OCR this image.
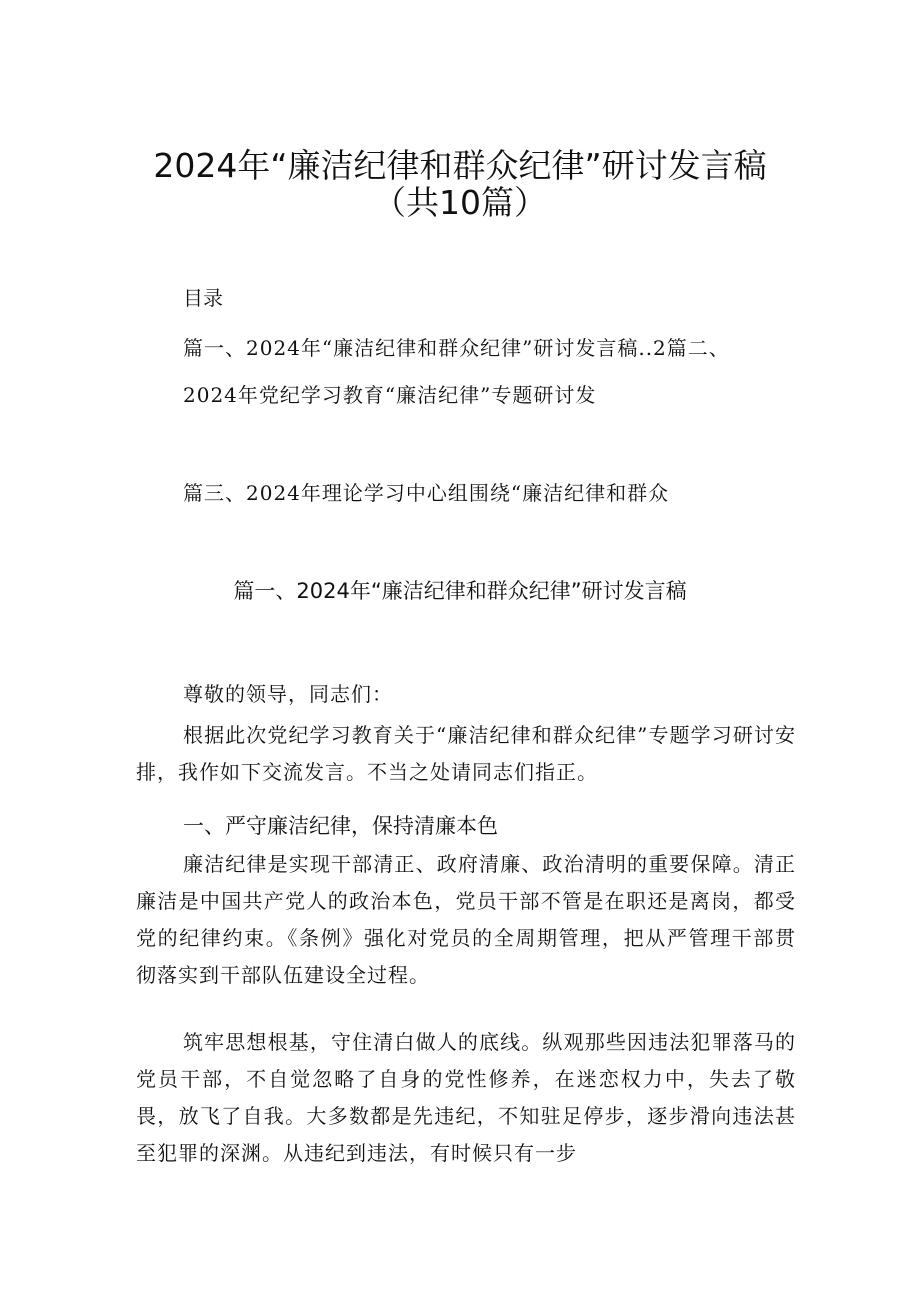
2024年“廉洁纪律和群众纪律”研讨发言稿
（共10篇）
目录
篇一、2024年“廉洁纪律和群众纪律”研讨发言稿..2篇二、
2024年党纪学习教育“廉洁纪律”专题研讨发
篇三、2024年理论学习中心组围绕“廉洁纪律和群众
篇一、2024年“廉洁纪律和群众纪律”研讨发言稿
尊敬的领导，同志们：
根据此次党纪学习教育关于“廉洁纪律和群众纪律”专题学习研讨安排，我作如下交流发言。不当之处请同志们指正。
一、严守廉洁纪律，保持清廉本色
廉洁纪律是实现干部清正、政府清廉、政治清明的重要保障。清正廉洁是中国共产党人的政治本色，党员干部不管是在职还是离岗，都受党的纪律约束。《条例》强化对党员的全周期管理，把从严管理干部贯彻落实到干部队伍建设全过程。
筑牢思想根基，守住清白做人的底线。纵观那些因违法犯罪落马的党员干部，不自觉忽略了自身的党性修养，在迷恋权力中，失去了敬畏，放飞了自我。大多数都是先违纪，不知驻足停步，逐步滑向违法甚至犯罪的深渊。从违纪到违法，有时候只有一步
